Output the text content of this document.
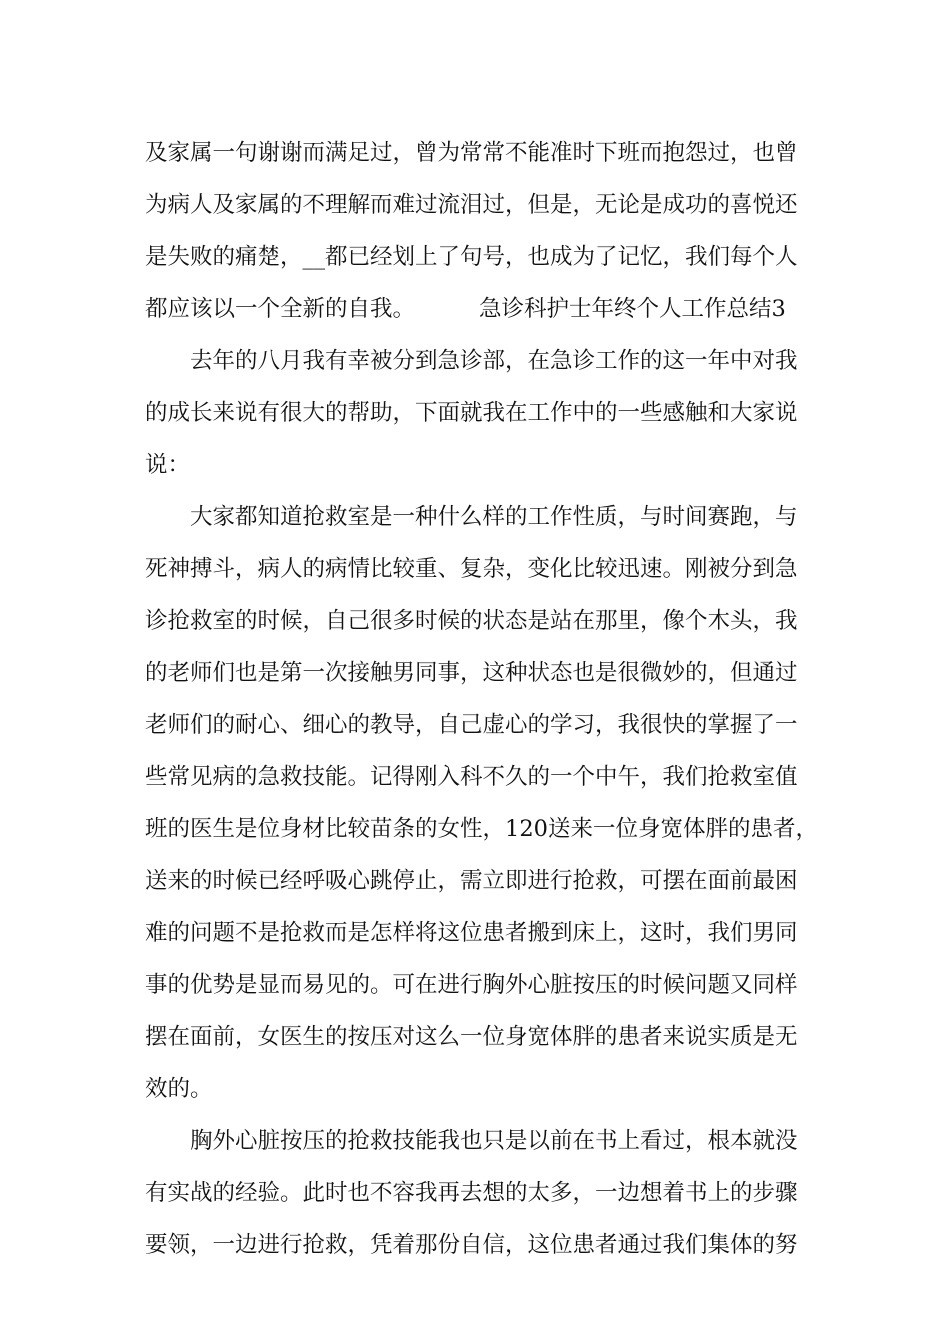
及家属一句谢谢而满足过，曾为常常不能准时下班而抱怨过，也曾
为病人及家属的不理解而难过流泪过，但是，无论是成功的喜悦还
是失败的痛楚，__都已经划上了句号，也成为了记忆，我们每个人
都应该以一个全新的自我。	急诊科护士年终个人工作总结3
去年的八月我有幸被分到急诊部，在急诊工作的这一年中对我
的成长来说有很大的帮助，下面就我在工作中的一些感触和大家说
说：
大家都知道抢救室是一种什么样的工作性质，与时间赛跑，与
死神搏斗，病人的病情比较重、复杂，变化比较迅速。刚被分到急
诊抢救室的时候，自己很多时候的状态是站在那里，像个木头，我
的老师们也是第一次接触男同事，这种状态也是很微妙的，但通过
老师们的耐心、细心的教导，自己虚心的学习，我很快的掌握了一
些常见病的急救技能。记得刚入科不久的一个中午，我们抢救室值
班的医生是位身材比较苗条的女性，120送来一位身宽体胖的患者，
送来的时候已经呼吸心跳停止，需立即进行抢救，可摆在面前最困
难的问题不是抢救而是怎样将这位患者搬到床上，这时，我们男同
事的优势是显而易见的。可在进行胸外心脏按压的时候问题又同样
摆在面前，女医生的按压对这么一位身宽体胖的患者来说实质是无
效的。
胸外心脏按压的抢救技能我也只是以前在书上看过，根本就没
有实战的经验。此时也不容我再去想的太多，一边想着书上的步骤
要领，一边进行抢救，凭着那份自信，这位患者通过我们集体的努
